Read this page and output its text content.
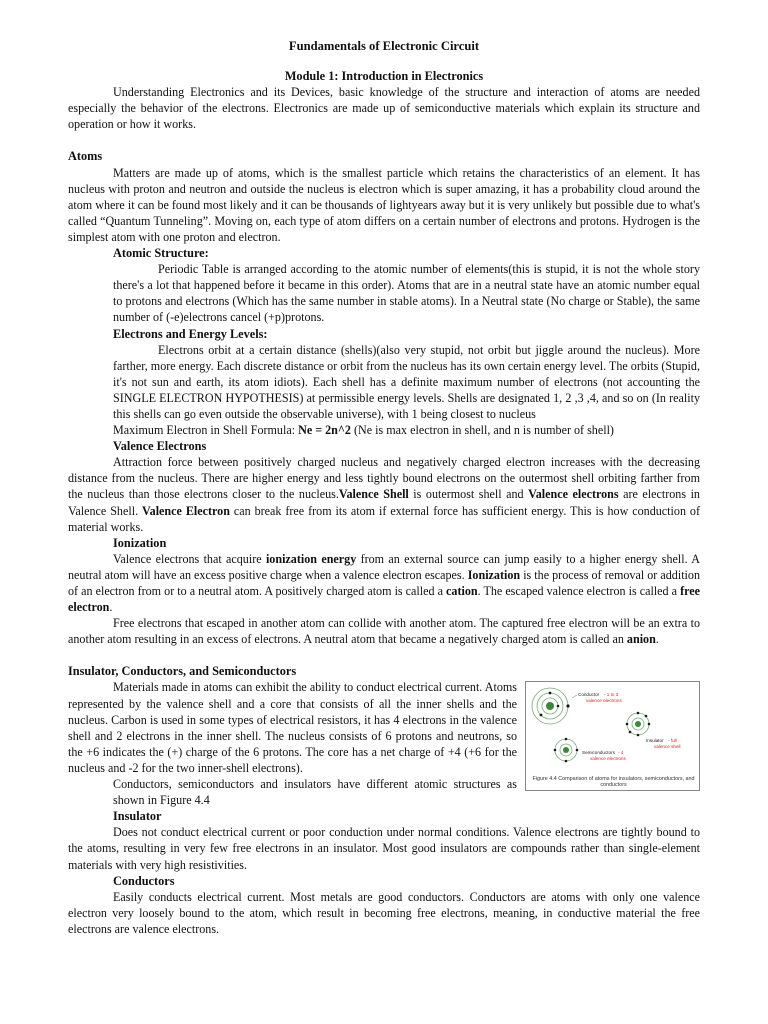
Fundamentals of Electronic Circuit
Module 1: Introduction in Electronics

Understanding Electronics and its Devices, basic knowledge of the structure and interaction of atoms are needed especially the behavior of the electrons. Electronics are made up of semiconductive materials which explain its structure and operation or how it works.

Atoms

Matters are made up of atoms, which is the smallest particle which retains the characteristics of an element. It has nucleus with proton and neutron and outside the nucleus is electron which is super amazing, it has a probability cloud around the atom where it can be found most likely and it can be thousands of lightyears away but it is very unlikely but possible due to what's called “Quantum Tunneling”. Moving on, each type of atom differs on a certain number of electrons and protons. Hydrogen is the simplest atom with one proton and electron.

Atomic Structure:

Periodic Table is arranged according to the atomic number of elements(this is stupid, it is not the whole story there's a lot that happened before it became in this order). Atoms that are in a neutral state have an atomic number equal to protons and electrons (Which has the same number in stable atoms). In a Neutral state (No charge or Stable), the same number of (-e)electrons cancel (+p)protons.

Electrons and Energy Levels:

Electrons orbit at a certain distance (shells)(also very stupid, not orbit but jiggle around the nucleus). More farther, more energy. Each discrete distance or orbit from the nucleus has its own certain energy level. The orbits (Stupid, it's not sun and earth, its atom idiots). Each shell has a definite maximum number of electrons (not accounting the SINGLE ELECTRON HYPOTHESIS) at permissible energy levels. Shells are designated 1, 2 ,3 ,4, and so on (In reality this shells can go even outside the observable universe), with 1 being closest to nucleus

Maximum Electron in Shell Formula: Ne = 2n^2 (Ne is max electron in shell, and n is number of shell)

Valence Electrons

Attraction force between positively charged nucleus and negatively charged electron increases with the decreasing distance from the nucleus. There are higher energy and less tightly bound electrons on the outermost shell orbiting farther from the nucleus than those electrons closer to the nucleus.Valence Shell is outermost shell and Valence electrons are electrons in Valence Shell. Valence Electron can break free from its atom if external force has sufficient energy. This is how conduction of material works.

Ionization

Valence electrons that acquire ionization energy from an external source can jump easily to a higher energy shell. A neutral atom will have an excess positive charge when a valence electron escapes. Ionization is the process of removal or addition of an electron from or to a neutral atom. A positively charged atom is called a cation. The escaped valence electron is called a free electron.

Free electrons that escaped in another atom can collide with another atom. The captured free electron will be an extra to another atom resulting in an excess of electrons. A neutral atom that became a negatively charged atom is called an anion.

Insulator, Conductors, and Semiconductors
Conductor - 1 to 3
valence electrons
Insulator - full
valence shell
Semiconductors - 4
valence electrons
Figure 4.4 Comparison of atoms for insulators, semiconductors, and conductors

Materials made in atoms can exhibit the ability to conduct electrical current. Atoms represented by the valence shell and a core that consists of all the inner shells and the nucleus. Carbon is used in some types of electrical resistors, it has 4 electrons in the valence shell and 2 electrons in the inner shell. The nucleus consists of 6 protons and neutrons, so the +6 indicates the (+) charge of the 6 protons. The core has a net charge of +4 (+6 for the nucleus and -2 for the two inner-shell electrons).

Conductors, semiconductors and insulators have different atomic structures as shown in Figure 4.4

Insulator

Does not conduct electrical current or poor conduction under normal conditions. Valence electrons are tightly bound to the atoms, resulting in very few free electrons in an insulator. Most good insulators are compounds rather than single-element materials with very high resistivities.

Conductors

Easily conducts electrical current. Most metals are good conductors. Conductors are atoms with only one valence electron very loosely bound to the atom, which result in becoming free electrons, meaning, in conductive material the free electrons are valence electrons.
